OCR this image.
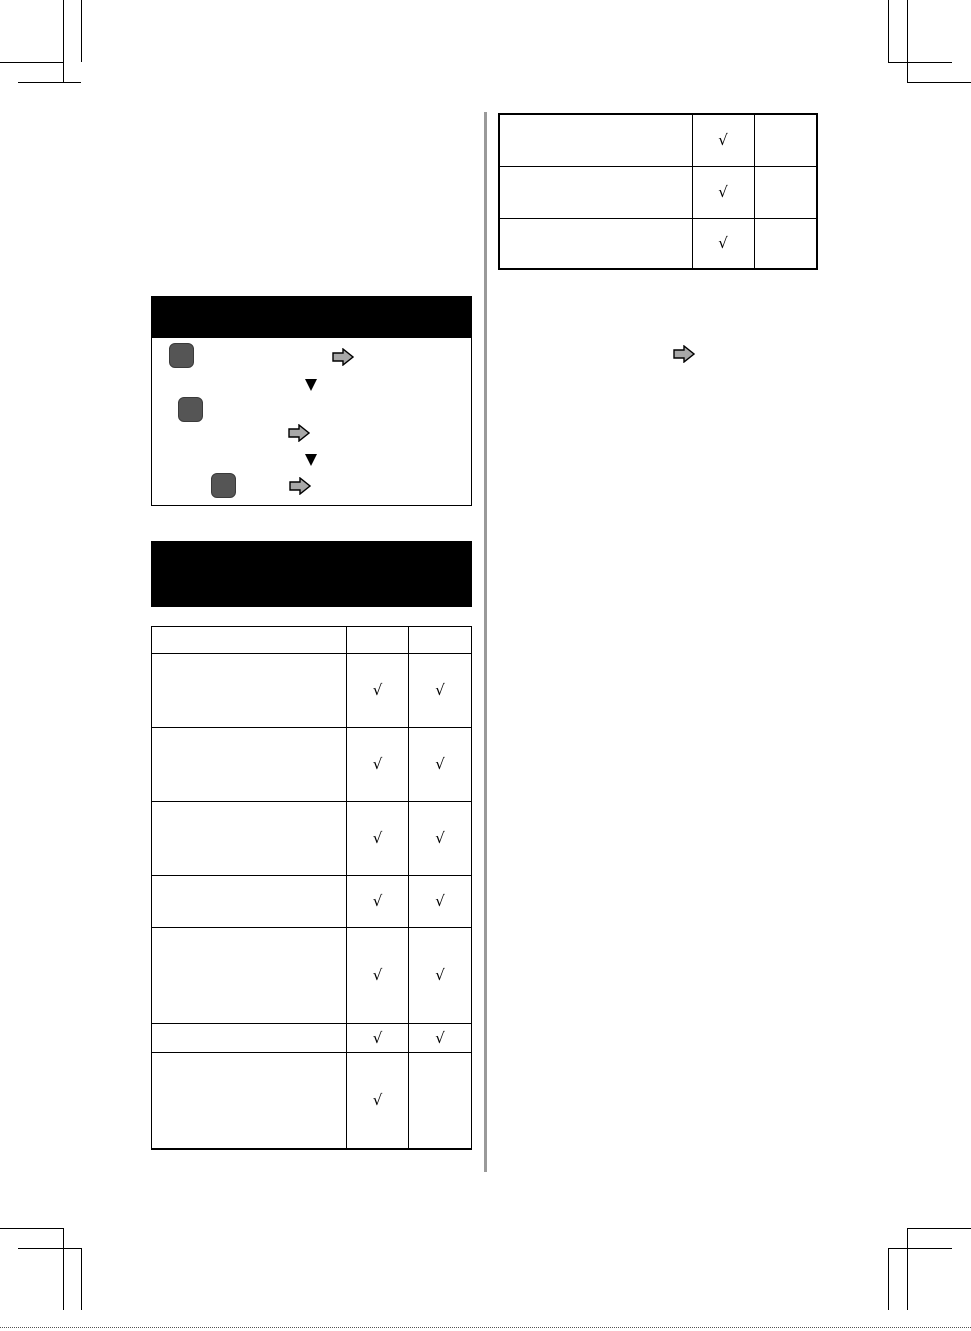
	√	
	√	
	√	

	√	√
	√	√
	√	√
	√	√
	√	√
	√	√
	√	
